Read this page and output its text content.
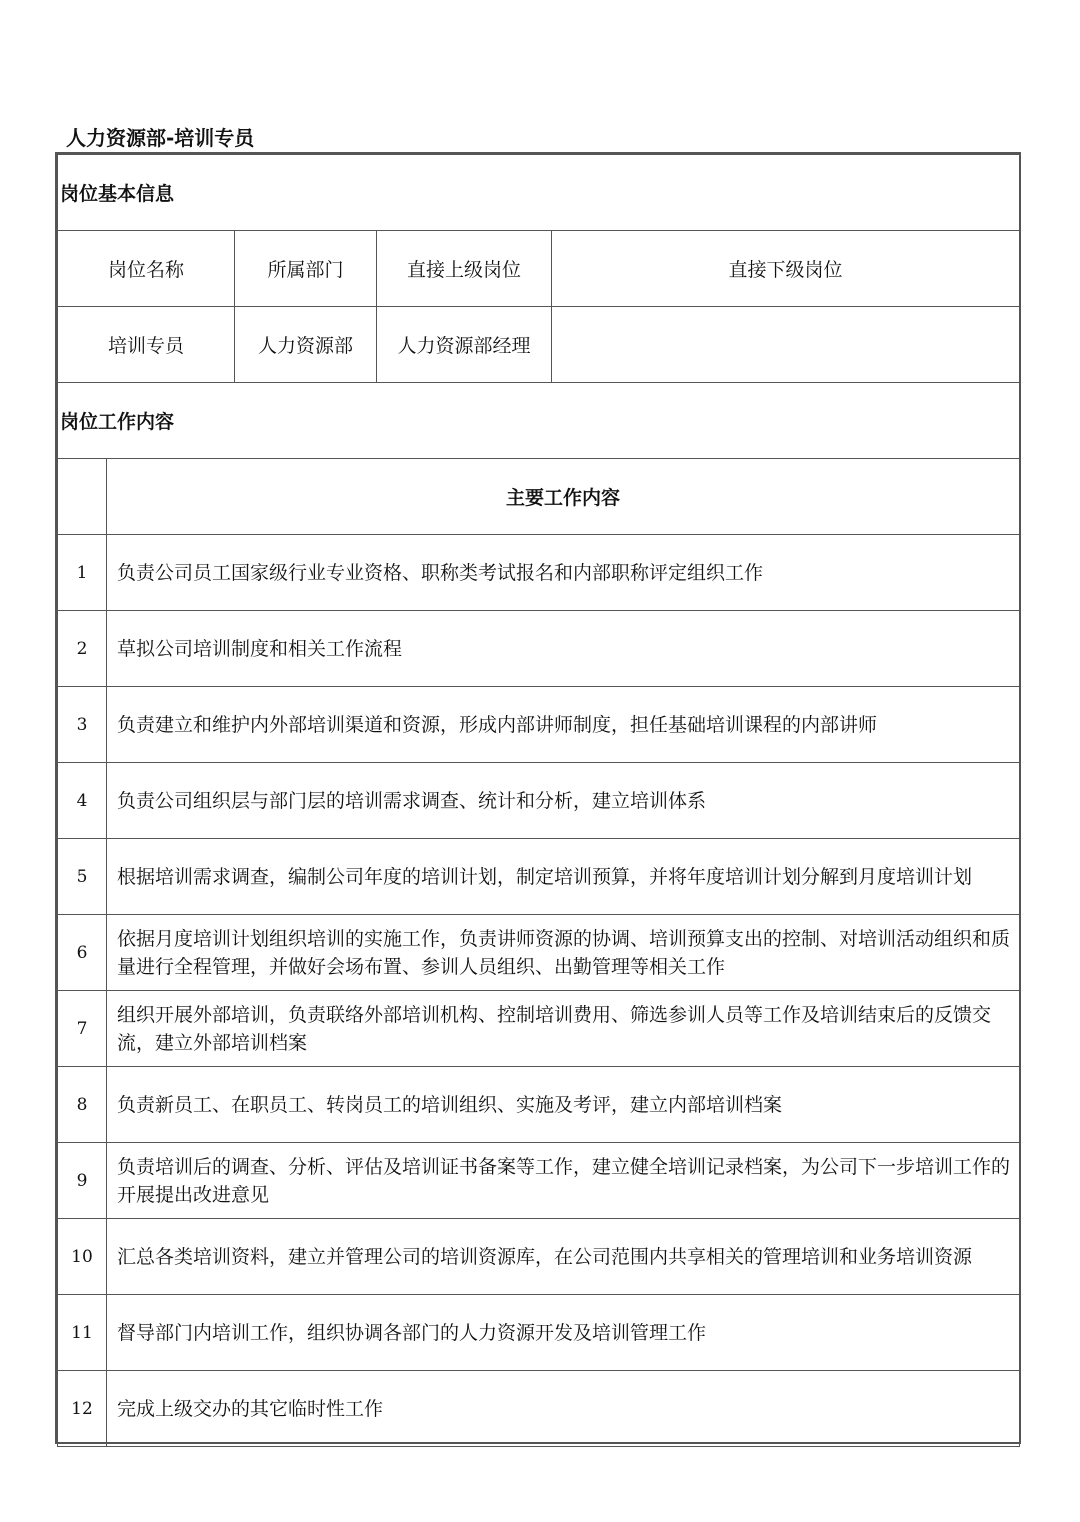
人力资源部-培训专员
岗位基本信息				
岗位名称		所属部门	直接上级岗位	直接下级岗位
培训专员		人力资源部	人力资源部经理	
岗位工作内容				
	主要工作内容			
1	负责公司员工国家级行业专业资格、职称类考试报名和内部职称评定组织工作			
2	草拟公司培训制度和相关工作流程			
3	负责建立和维护内外部培训渠道和资源，形成内部讲师制度，担任基础培训课程的内部讲师			
4	负责公司组织层与部门层的培训需求调查、统计和分析，建立培训体系			
5	根据培训需求调查，编制公司年度的培训计划，制定培训预算，并将年度培训计划分解到月度培训计划			
6	依据月度培训计划组织培训的实施工作，负责讲师资源的协调、培训预算支出的控制、对培训活动组织和质量进行全程管理，并做好会场布置、参训人员组织、出勤管理等相关工作			
7	组织开展外部培训，负责联络外部培训机构、控制培训费用、筛选参训人员等工作及培训结束后的反馈交流，建立外部培训档案			
8	负责新员工、在职员工、转岗员工的培训组织、实施及考评，建立内部培训档案			
9	负责培训后的调查、分析、评估及培训证书备案等工作，建立健全培训记录档案，为公司下一步培训工作的开展提出改进意见			
10	汇总各类培训资料，建立并管理公司的培训资源库，在公司范围内共享相关的管理培训和业务培训资源			
11	督导部门内培训工作，组织协调各部门的人力资源开发及培训管理工作			
12	完成上级交办的其它临时性工作			
